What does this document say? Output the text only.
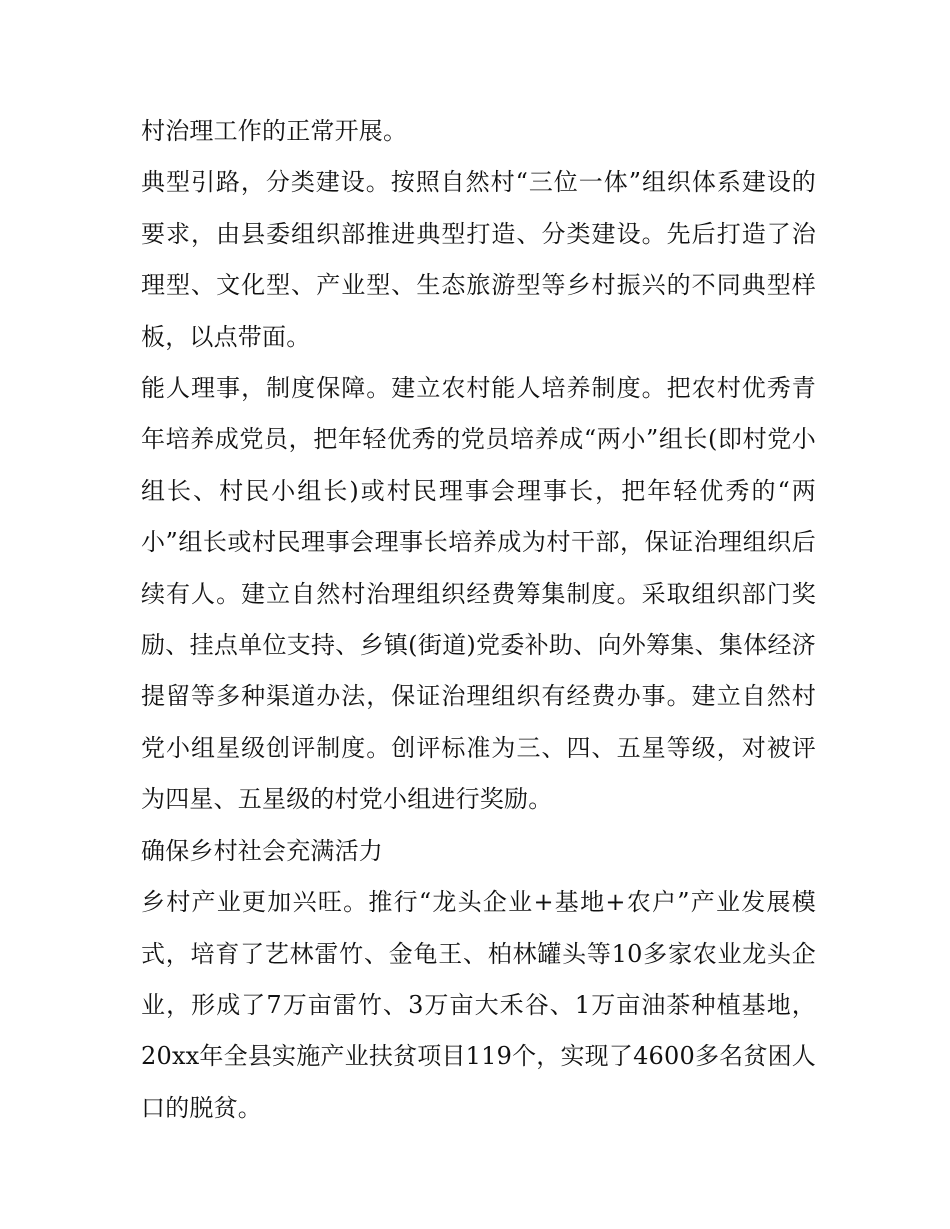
村治理工作的正常开展。

典型引路，分类建设。按照自然村“三位一体”组织体系建设的要求，由县委组织部推进典型打造、分类建设。先后打造了治理型、文化型、产业型、生态旅游型等乡村振兴的不同典型样板，以点带面。

能人理事，制度保障。建立农村能人培养制度。把农村优秀青年培养成党员，把年轻优秀的党员培养成“两小”组长(即村党小组长、村民小组长)或村民理事会理事长，把年轻优秀的“两小”组长或村民理事会理事长培养成为村干部，保证治理组织后续有人。建立自然村治理组织经费筹集制度。采取组织部门奖励、挂点单位支持、乡镇(街道)党委补助、向外筹集、集体经济提留等多种渠道办法，保证治理组织有经费办事。建立自然村党小组星级创评制度。创评标准为三、四、五星等级，对被评为四星、五星级的村党小组进行奖励。

确保乡村社会充满活力

乡村产业更加兴旺。推行“龙头企业+基地+农户”产业发展模式，培育了艺林雷竹、金龟王、柏林罐头等10多家农业龙头企业，形成了7万亩雷竹、3万亩大禾谷、1万亩油茶种植基地，20xx年全县实施产业扶贫项目119个，实现了4600多名贫困人口的脱贫。
